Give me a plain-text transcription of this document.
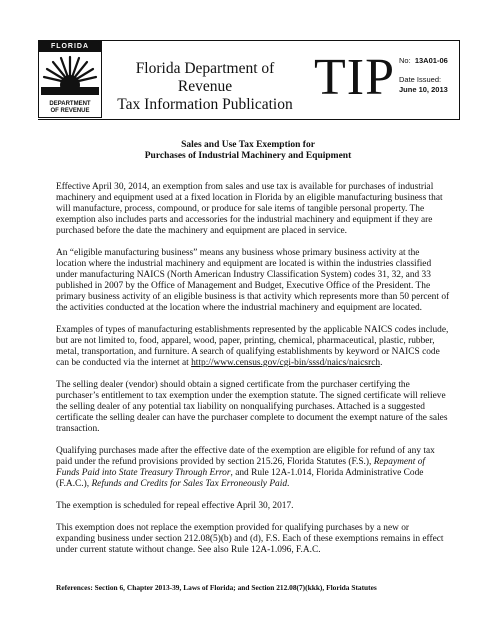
FLORIDA
DEPARTMENT
OF REVENUE
Florida Department of Revenue
Tax Information Publication TIP No: 13A01-06
Date Issued:
June 10, 2013
Sales and Use Tax Exemption for
Purchases of Industrial Machinery and Equipment

Effective April 30, 2014, an exemption from sales and use tax is available for purchases of industrial machinery and equipment used at a fixed location in Florida by an eligible manufacturing business that will manufacture, process, compound, or produce for sale items of tangible personal property. The exemption also includes parts and accessories for the industrial machinery and equipment if they are purchased before the date the machinery and equipment are placed in service.

An “eligible manufacturing business” means any business whose primary business activity at the location where the industrial machinery and equipment are located is within the industries classified under manufacturing NAICS (North American Industry Classification System) codes 31, 32, and 33 published in 2007 by the Office of Management and Budget, Executive Office of the President. The primary business activity of an eligible business is that activity which represents more than 50 percent of the activities conducted at the location where the industrial machinery and equipment are located.

Examples of types of manufacturing establishments represented by the applicable NAICS codes include, but are not limited to, food, apparel, wood, paper, printing, chemical, pharmaceutical, plastic, rubber, metal, transportation, and furniture. A search of qualifying establishments by keyword or NAICS code can be conducted via the internet at http://www.census.gov/cgi-bin/sssd/naics/naicsrch.

The selling dealer (vendor) should obtain a signed certificate from the purchaser certifying the purchaser’s entitlement to tax exemption under the exemption statute. The signed certificate will relieve the selling dealer of any potential tax liability on nonqualifying purchases. Attached is a suggested certificate the selling dealer can have the purchaser complete to document the exempt nature of the sales transaction.

Qualifying purchases made after the effective date of the exemption are eligible for refund of any tax paid under the refund provisions provided by section 215.26, Florida Statutes (F.S.), Repayment of Funds Paid into State Treasury Through Error, and Rule 12A-1.014, Florida Administrative Code (F.A.C.), Refunds and Credits for Sales Tax Erroneously Paid.

The exemption is scheduled for repeal effective April 30, 2017.

This exemption does not replace the exemption provided for qualifying purchases by a new or expanding business under section 212.08(5)(b) and (d), F.S. Each of these exemptions remains in effect under current statute without change. See also Rule 12A-1.096, F.A.C.

References: Section 6, Chapter 2013-39, Laws of Florida; and Section 212.08(7)(kkk), Florida Statutes
